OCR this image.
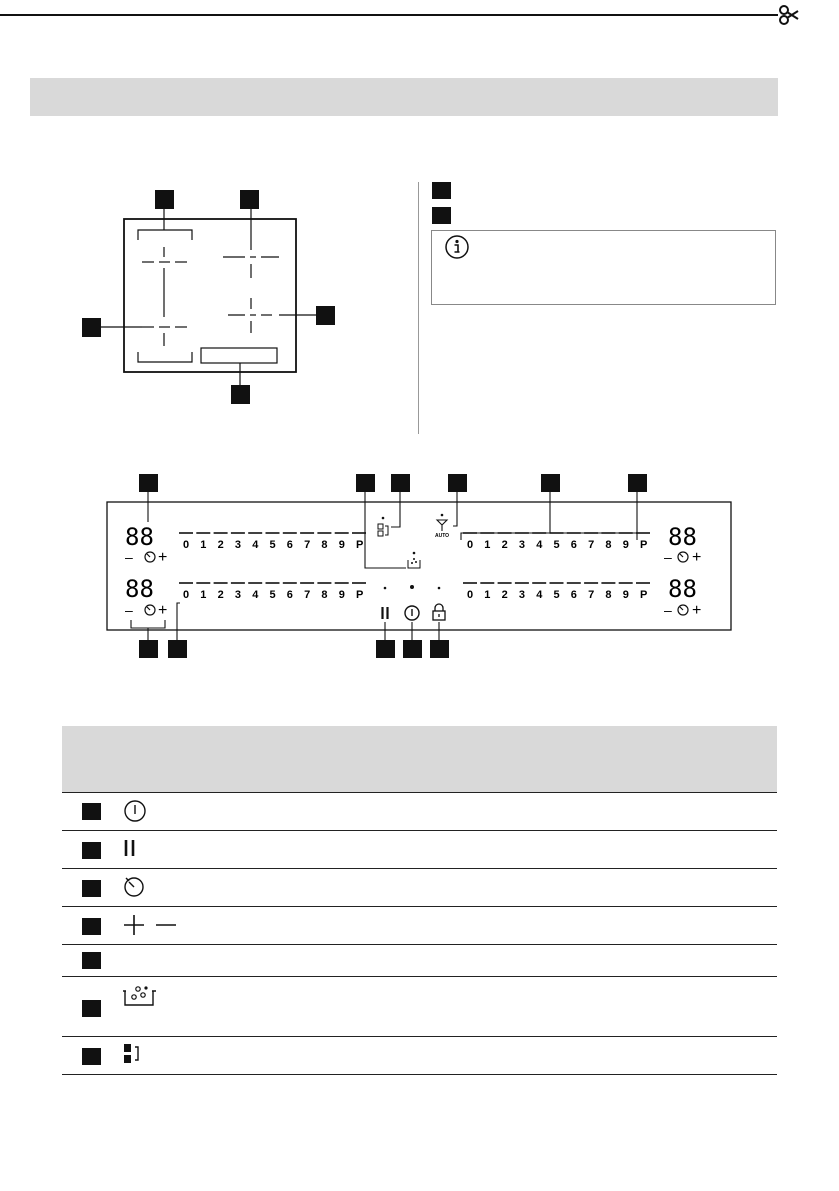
0 1 2 3 4 5 6 7 8 9 P
0 1 2 3 4 5 6 7 8 9 P
0 1 2 3 4 5 6 7 8 9 P
0 1 2 3 4 5 6 7 8 9 P
88
88
88
88
– +
– +
– +
– +
AUTO
